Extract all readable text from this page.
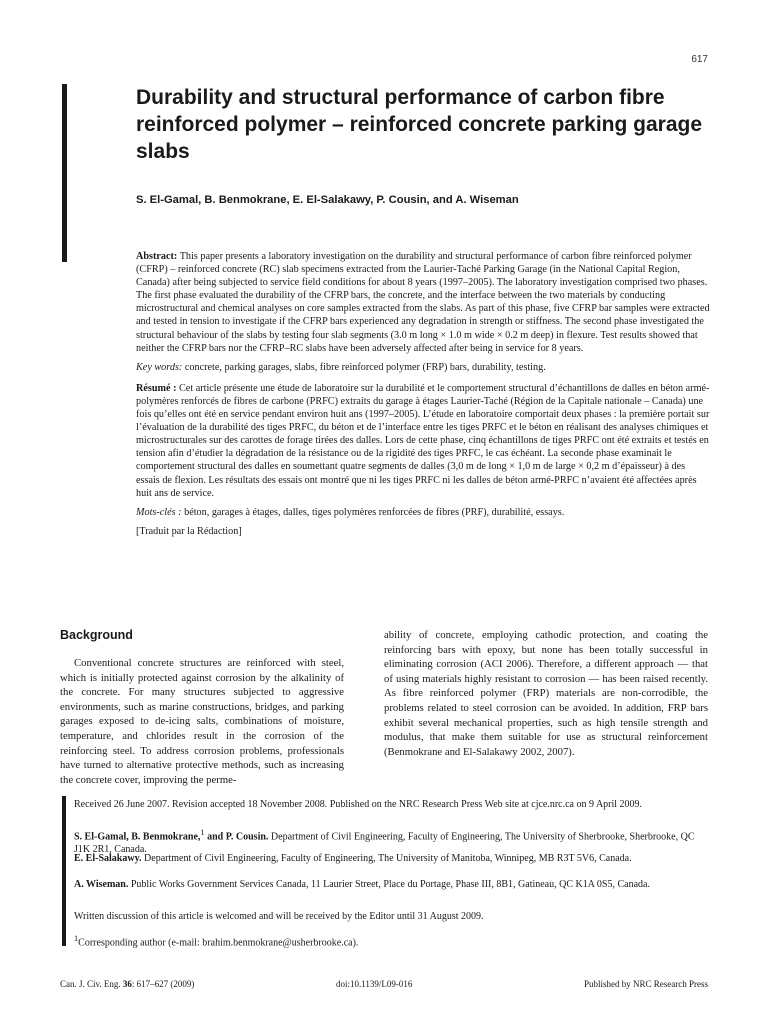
617
Durability and structural performance of carbon fibre reinforced polymer – reinforced concrete parking garage slabs

S. El-Gamal, B. Benmokrane, E. El-Salakawy, P. Cousin, and A. Wiseman

Abstract: This paper presents a laboratory investigation on the durability and structural performance of carbon fibre reinforced polymer (CFRP) – reinforced concrete (RC) slab specimens extracted from the Laurier-Taché Parking Garage (in the National Capital Region, Canada) after being subjected to service field conditions for about 8 years (1997–2005). The laboratory investigation comprised two phases. The first phase evaluated the durability of the CFRP bars, the concrete, and the interface between the two materials by conducting microstructural and chemical analyses on core samples extracted from the slabs. As part of this phase, five CFRP bar samples were extracted and tested in tension to investigate if the CFRP bars experienced any degradation in strength or stiffness. The second phase investigated the structural behaviour of the slabs by testing four slab segments (3.0 m long × 1.0 m wide × 0.2 m deep) in flexure. Test results showed that neither the CFRP bars nor the CFRP–RC slabs have been adversely affected after being in service for 8 years.

Key words: concrete, parking garages, slabs, fibre reinforced polymer (FRP) bars, durability, testing.

Résumé : Cet article présente une étude de laboratoire sur la durabilité et le comportement structural d’échantillons de dalles en béton armé-polymères renforcés de fibres de carbone (PRFC) extraits du garage à étages Laurier-Taché (Région de la Capitale nationale – Canada) une fois qu’elles ont été en service pendant environ huit ans (1997–2005). L’étude en laboratoire comportait deux phases : la première portait sur l’évaluation de la durabilité des tiges PRFC, du béton et de l’interface entre les tiges PRFC et le béton en réalisant des analyses chimiques et microstructurales sur des carottes de forage tirées des dalles. Lors de cette phase, cinq échantillons de tiges PRFC ont été extraits et testés en tension afin d’étudier la dégradation de la résistance ou de la rigidité des tiges PRFC, le cas échéant. La seconde phase examinait le comportement structural des dalles en soumettant quatre segments de dalles (3,0 m de long × 1,0 m de large × 0,2 m d’épaisseur) à des essais de flexion. Les résultats des essais ont montré que ni les tiges PRFC ni les dalles de béton armé-PRFC n’avaient été affectées après huit ans de service.

Mots-clés : béton, garages à étages, dalles, tiges polymères renforcées de fibres (PRF), durabilité, essays.

[Traduit par la Rédaction]

Background

Conventional concrete structures are reinforced with steel, which is initially protected against corrosion by the alkalinity of the concrete. For many structures subjected to aggressive environments, such as marine constructions, bridges, and parking garages exposed to de-icing salts, combinations of moisture, temperature, and chlorides result in the corrosion of the reinforcing steel. To address corrosion problems, professionals have turned to alternative protective methods, such as increasing the concrete cover, improving the perme-

ability of concrete, employing cathodic protection, and coating the reinforcing bars with epoxy, but none has been totally successful in eliminating corrosion (ACI 2006). Therefore, a different approach — that of using materials highly resistant to corrosion — has been raised recently. As fibre reinforced polymer (FRP) materials are non-corrodible, the problems related to steel corrosion can be avoided. In addition, FRP bars exhibit several mechanical properties, such as high tensile strength and modulus, that make them suitable for use as structural reinforcement (Benmokrane and El-Salakawy 2002, 2007).

Received 26 June 2007. Revision accepted 18 November 2008. Published on the NRC Research Press Web site at cjce.nrc.ca on 9 April 2009.

S. El-Gamal, B. Benmokrane,$^1$ and P. Cousin. Department of Civil Engineering, Faculty of Engineering, The University of Sherbrooke, Sherbrooke, QC J1K 2R1, Canada.

E. El-Salakawy. Department of Civil Engineering, Faculty of Engineering, The University of Manitoba, Winnipeg, MB R3T 5V6, Canada.

A. Wiseman. Public Works Government Services Canada, 11 Laurier Street, Place du Portage, Phase III, 8B1, Gatineau, QC K1A 0S5, Canada.

Written discussion of this article is welcomed and will be received by the Editor until 31 August 2009.

$^1$Corresponding author (e-mail: brahim.benmokrane@usherbrooke.ca).

Can. J. Civ. Eng. 36: 617–627 (2009)	doi:10.1139/L09-016	Published by NRC Research Press
